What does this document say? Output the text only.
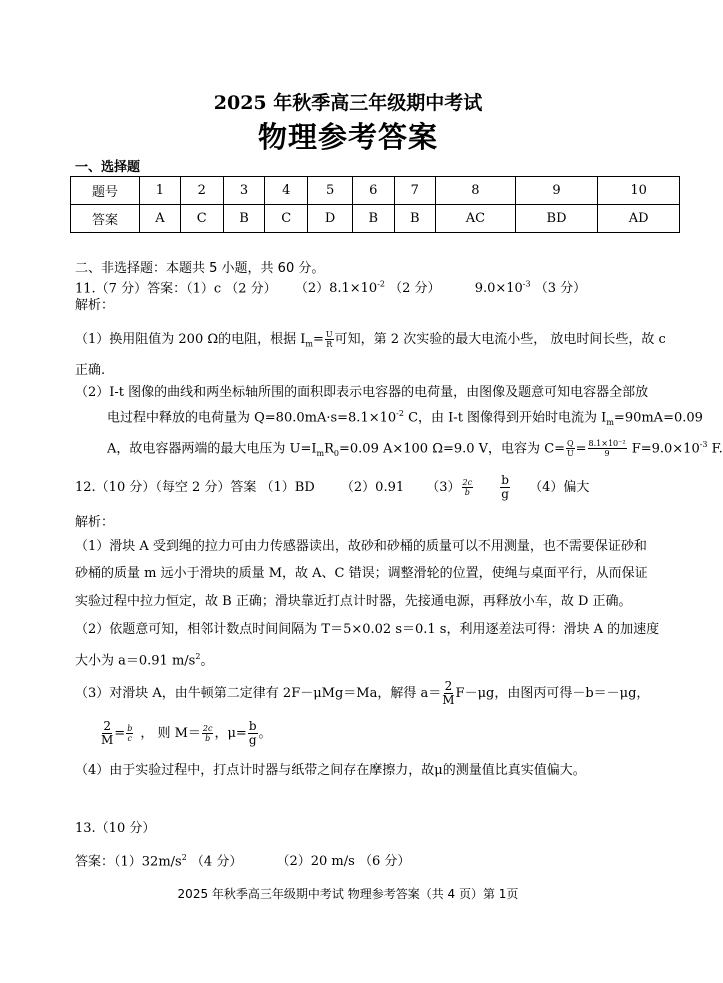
2025 年秋季高三年级期中考试
物理参考答案
一、选择题
题号	1	2	3	4	5	6	7	8	9	10
答案	A	C	B	C	D	B	B	AC	BD	AD
二、非选择题：本题共 5 小题，共 60 分。
11.（7 分）答案：（1）c （2 分） $(2)8.1\times 10^{-2}$ （2 分）	$9.0\times 10^{-3}$ （3 分）
解析：
（1）换用阻值为 200 Ω的电阻，根据 $I_m= \frac{U}{R}$ 可知，第 2 次实验的最大电流小些， 放电时间长些，故 c
正确.
（2）I-t 图像的曲线和两坐标轴所围的面积即表示电容器的电荷量，由图像及题意可知电容器全部放
电过程中释放的电荷量为 $Q=80.0mA\cdot s=8.1\times 10^{-2}$ C，由 I-t 图像得到开始时电流为 $I_m=90mA=0.09$
A，故电容器两端的最大电压为 $U=I_mR_0=0.09$ A×100 Ω=9.0 V，电容为 $C= \frac{Q}{U} = \frac{\text{8.1×10⁻²}}{9} F=9.0\times 10^{-3}$ F.
12.（10 分）（每空 2 分）答案 （1）BD （2）0.91 $(3) \frac{2c}{b}$
$\frac{b}{g} (4)$偏大
解析：
（1）滑块 A 受到绳的拉力可由力传感器读出，故砂和砂桶的质量可以不用测量，也不需要保证砂和
砂桶的质量 m 远小于滑块的质量 M，故 A、C 错误；调整滑轮的位置，使绳与桌面平行，从而保证
实验过程中拉力恒定，故 B 正确；滑块靠近打点计时器，先接通电源，再释放小车，故 D 正确。
（2）依题意可知，相邻计数点时间间隔为 T＝5×0.02 s＝0.1 s，利用逐差法可得：滑块 A 的加速度
大小为 a＝0.91 $m/s^2$。
（3）对滑块 A，由牛顿第二定律有 2F－μMg＝Ma，解得 $a= \frac{2}{M} F-\mu g$，由图丙可得－b＝－μg，
$\frac{2}{M} = \frac{b}{c}$ ， 则 $M= \frac{2c}{b}$ ，$\mu= \frac{b}{g}$ 。
（4）由于实验过程中，打点计时器与纸带之间存在摩擦力，故μ的测量值比真实值偏大。
13.（10 分）
答案：$(1)32m/s^2$ （4 分）	（2）20 m/s （6 分）
2025 年秋季高三年级期中考试 物理参考答案（共 4 页）第 1页
